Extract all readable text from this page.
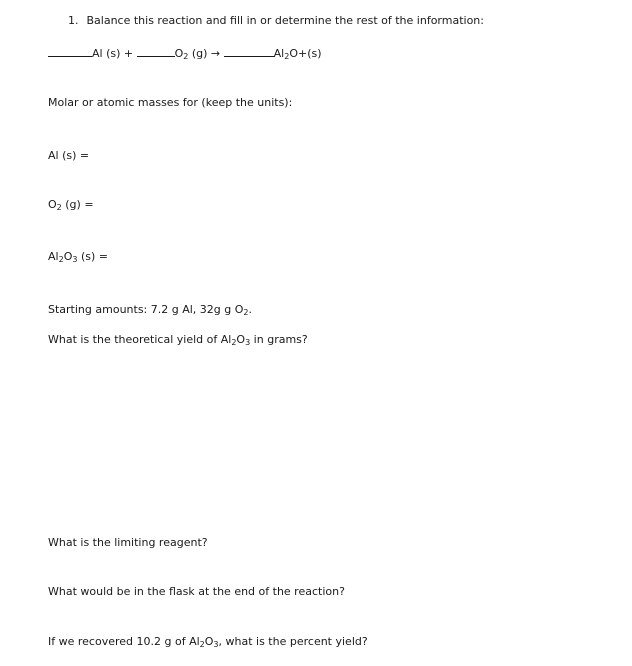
1. Balance this reaction and fill in or determine the rest of the information:
Al (s) +	$O_2$ (g) →	$Al_2O+(s)$
Molar or atomic masses for (keep the units):
Al (s) =
$O_2$ (g) =
$Al_2O_3$ (s) =
Starting amounts: 7.2 g Al, 32g g $O_2$.
What is the theoretical yield of $Al_2O_3$ in grams?
What is the limiting reagent?
What would be in the flask at the end of the reaction?
If we recovered 10.2 g of $Al_2O_3$, what is the percent yield?
